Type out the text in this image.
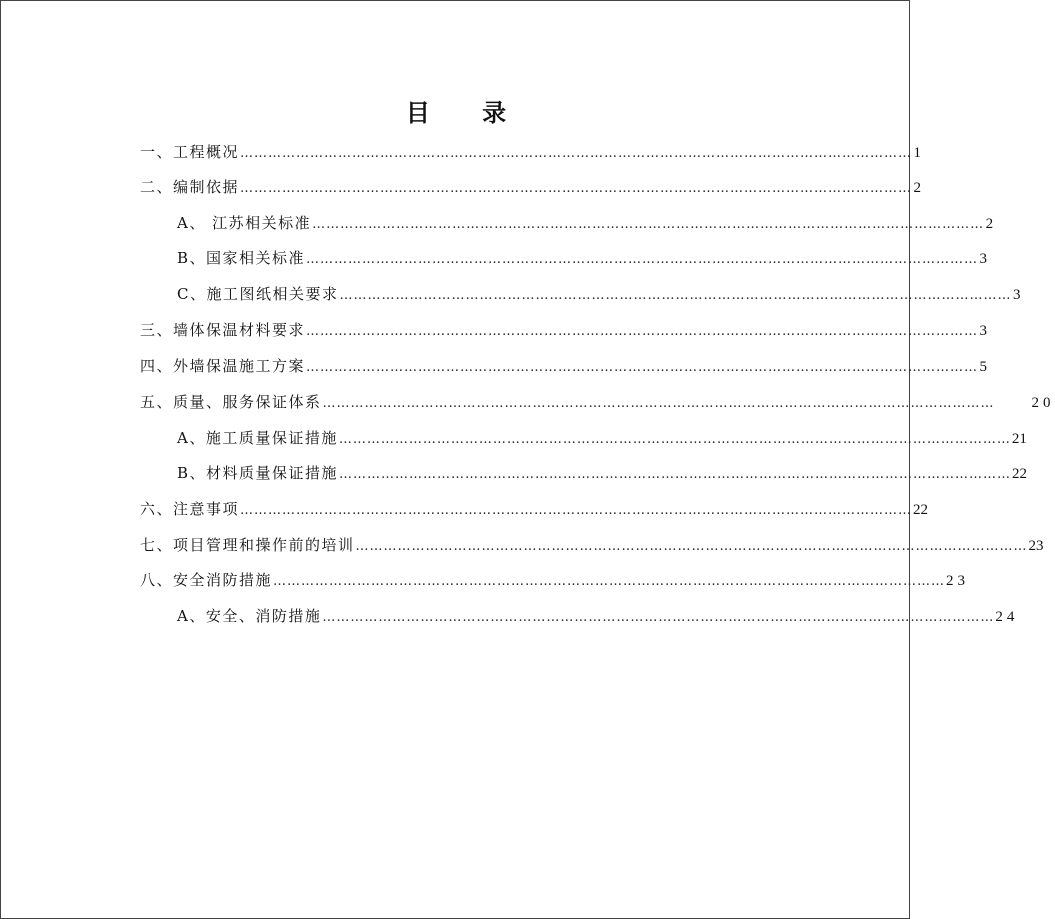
目 录
一、工程概况 ……………………………………………………………………………………………………………………………… 1
二、编制依据 ……………………………………………………………………………………………………………………………… 2
A、 江苏相关标准 ……………………………………………………………………………………………………………………………… 2
B、国家相关标准 ……………………………………………………………………………………………………………………………… 3
C、施工图纸相关要求 ……………………………………………………………………………………………………………………………… 3
三、墙体保温材料要求 ……………………………………………………………………………………………………………………………… 3
四、外墙保温施工方案 ……………………………………………………………………………………………………………………………… 5
五、质量、服务保证体系 ……………………………………………………………………………………………………………………………… 20
A、施工质量保证措施 ……………………………………………………………………………………………………………………………… 21
B、材料质量保证措施 ……………………………………………………………………………………………………………………………… 22
六、注意事项 ……………………………………………………………………………………………………………………………… 22
七、项目管理和操作前的培训 ……………………………………………………………………………………………………………………………… 23
八、安全消防措施 ……………………………………………………………………………………………………………………………… 23
A、安全、消防措施 ……………………………………………………………………………………………………………………………… 24
